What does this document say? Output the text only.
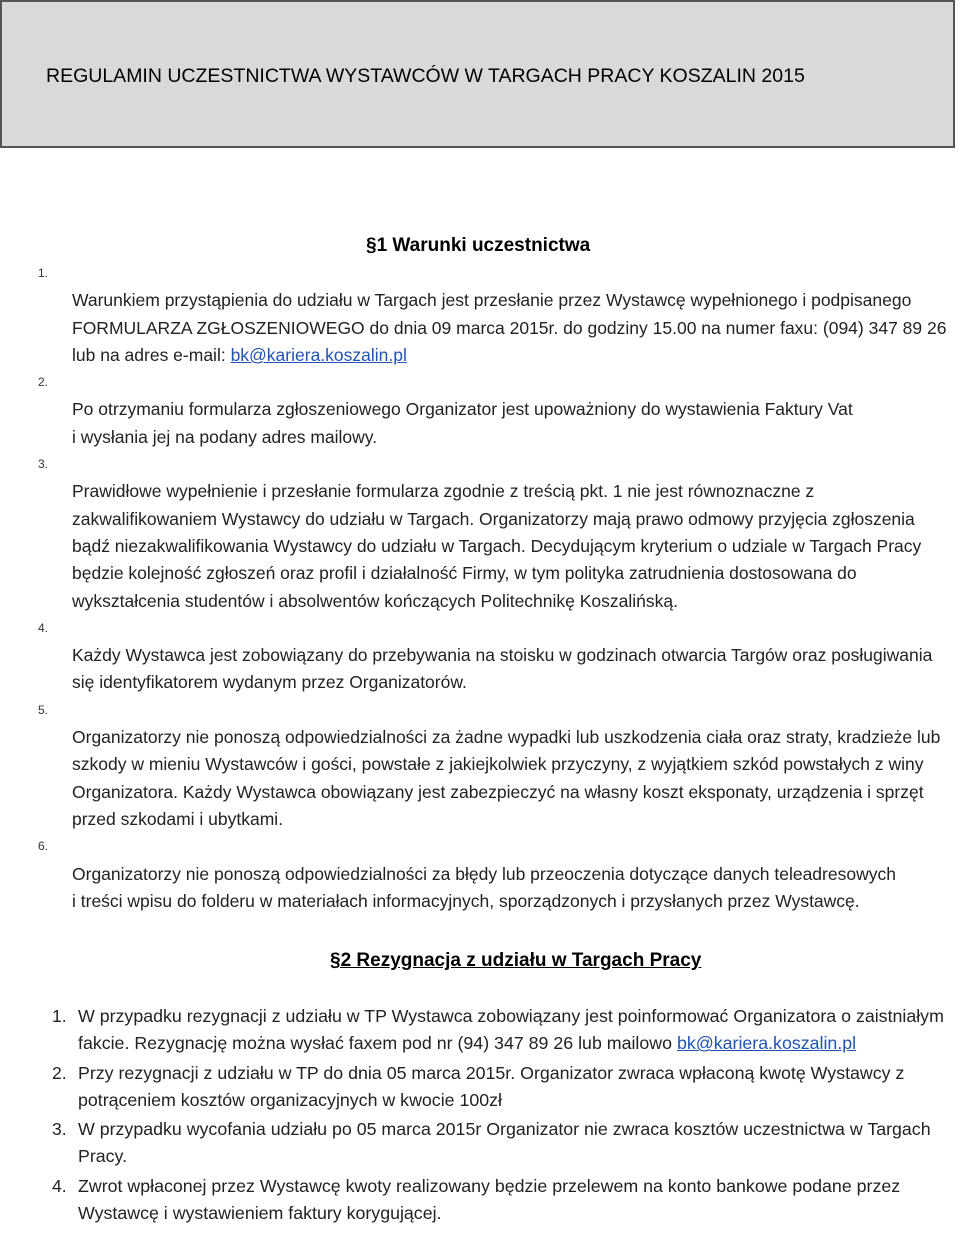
REGULAMIN UCZESTNICTWA WYSTAWCÓW W TARGACH PRACY KOSZALIN 2015
§1 Warunki uczestnictwa

1.
Warunkiem przystąpienia do udziału w Targach jest przesłanie przez Wystawcę wypełnionego i podpisanego FORMULARZA ZGŁOSZENIOWEGO do dnia 09 marca 2015r. do godziny 15.00 na numer faxu: (094) 347 89 26 lub na adres e-mail: bk@kariera.koszalin.pl

2.
Po otrzymaniu formularza zgłoszeniowego Organizator jest upoważniony do wystawienia Faktury Vat
i wysłania jej na podany adres mailowy.

3.
Prawidłowe wypełnienie i przesłanie formularza zgodnie z treścią pkt. 1 nie jest równoznaczne z zakwalifikowaniem Wystawcy do udziału w Targach. Organizatorzy mają prawo odmowy przyjęcia zgłoszenia bądź niezakwalifikowania Wystawcy do udziału w Targach. Decydującym kryterium o udziale w Targach Pracy będzie kolejność zgłoszeń oraz profil i działalność Firmy, w tym polityka zatrudnienia dostosowana do wykształcenia studentów i absolwentów kończących Politechnikę Koszalińską.

4.
Każdy Wystawca jest zobowiązany do przebywania na stoisku w godzinach otwarcia Targów oraz posługiwania się identyfikatorem wydanym przez Organizatorów.

5.
Organizatorzy nie ponoszą odpowiedzialności za żadne wypadki lub uszkodzenia ciała oraz straty, kradzieże lub szkody w mieniu Wystawców i gości, powstałe z jakiejkolwiek przyczyny, z wyjątkiem szkód powstałych z winy Organizatora. Każdy Wystawca obowiązany jest zabezpieczyć na własny koszt eksponaty, urządzenia i sprzęt przed szkodami i ubytkami.

6.
Organizatorzy nie ponoszą odpowiedzialności za błędy lub przeoczenia dotyczące danych teleadresowych
i treści wpisu do folderu w materiałach informacyjnych, sporządzonych i przysłanych przez Wystawcę.

§2 Rezygnacja z udziału w Targach Pracy
1. W przypadku rezygnacji z udziału w TP Wystawca zobowiązany jest poinformować Organizatora o zaistniałym fakcie. Rezygnację można wysłać faxem pod nr (94) 347 89 26 lub mailowo bk@kariera.koszalin.pl
2. Przy rezygnacji z udziału w TP do dnia 05 marca 2015r. Organizator zwraca wpłaconą kwotę Wystawcy z potrąceniem kosztów organizacyjnych w kwocie 100zł
3. W przypadku wycofania udziału po 05 marca 2015r Organizator nie zwraca kosztów uczestnictwa w Targach Pracy.
4. Zwrot wpłaconej przez Wystawcę kwoty realizowany będzie przelewem na konto bankowe podane przez Wystawcę i wystawieniem faktury korygującej.
